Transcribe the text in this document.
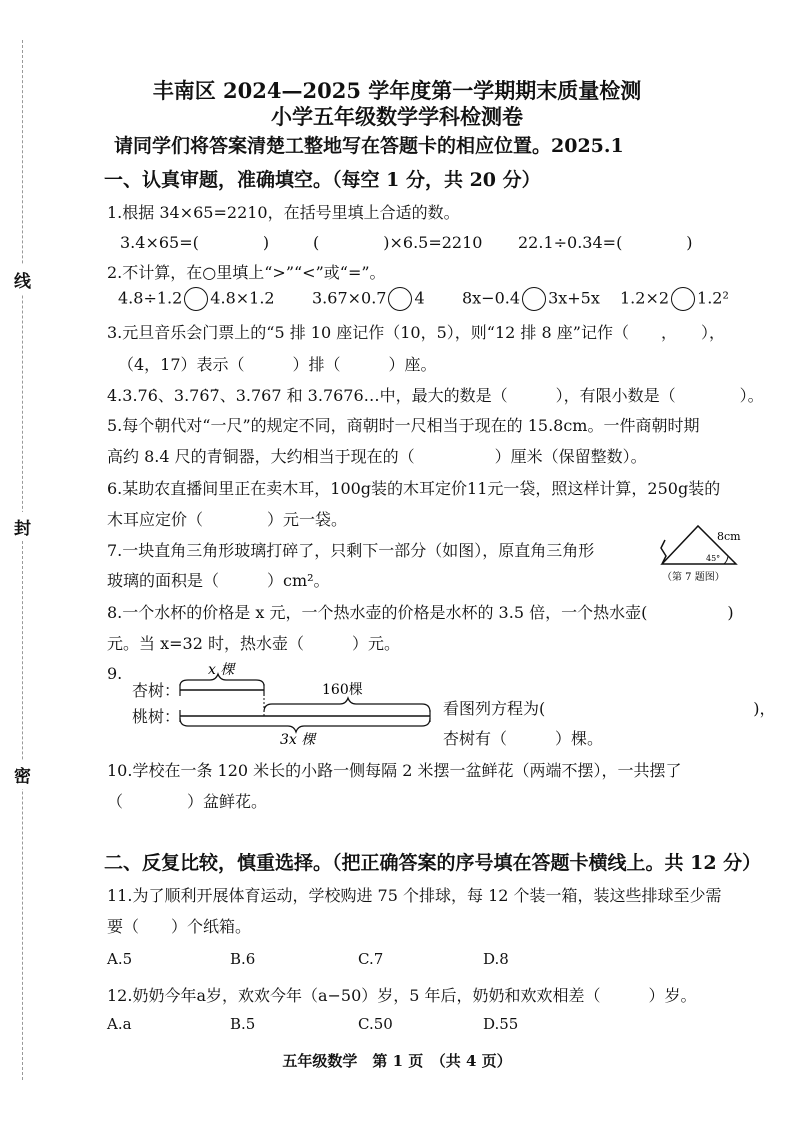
线
封
密
丰南区 2024—2025 学年度第一学期期末质量检测
小学五年级数学学科检测卷
请同学们将答案清楚工整地写在答题卡的相应位置。2025.1
一、认真审题，准确填空。（每空 1 分，共 20 分）
1.根据 34×65=2210，在括号里填上合适的数。
3.4×65=(　　　　)	(　　　　)×6.5=2210 22.1÷0.34=(　　　　)
2.不计算，在○里填上“>”“<”或“=”。
4.8÷1.2 4.8×1.2 3.67×0.7 4 8x−0.4 3x+5x 1.2×2 1.2²
3.元旦音乐会门票上的“5 排 10 座记作（10，5），则“12 排 8 座”记作（　　，　　），
（4，17）表示（　　　）排（　　　）座。
4.3.76̇、3.76̇7̇、3.767 和 3.7676…中，最大的数是（　　　），有限小数是（　　　　）。
5.每个朝代对“一尺”的规定不同，商朝时一尺相当于现在的 15.8cm。一件商朝时期
高约 8.4 尺的青铜器，大约相当于现在的（　　　　　）厘米（保留整数）。
6.某助农直播间里正在卖木耳，100g装的木耳定价11元一袋，照这样计算，250g装的
木耳应定价（　　　　）元一袋。
7.一块直角三角形玻璃打碎了，只剩下一部分（如图），原直角三角形
玻璃的面积是（　　　）cm²。
8cm
45°
（第 7 题图）
8.一个水杯的价格是 x 元，一个热水壶的价格是水杯的 3.5 倍，一个热水壶(　　　　　)
元。当 x=32 时，热水壶（　　　）元。
9.
杏树：
桃树：
x 棵
160棵
3x 棵
看图列方程为(　　　　　　　　　　　　　)，
杏树有（　　　）棵。
10.学校在一条 120 米长的小路一侧每隔 2 米摆一盆鲜花（两端不摆），一共摆了
（　　　　）盆鲜花。
二、反复比较，慎重选择。（把正确答案的序号填在答题卡横线上。共 12 分）
11.为了顺利开展体育运动，学校购进 75 个排球，每 12 个装一箱，装这些排球至少需
要（　　）个纸箱。
A.5	B.6	C.7	D.8
12.奶奶今年a岁，欢欢今年（a−50）岁，5 年后，奶奶和欢欢相差（　　　）岁。
A.a	B.5	C.50	D.55
五年级数学　第 1 页　（共 4 页）
